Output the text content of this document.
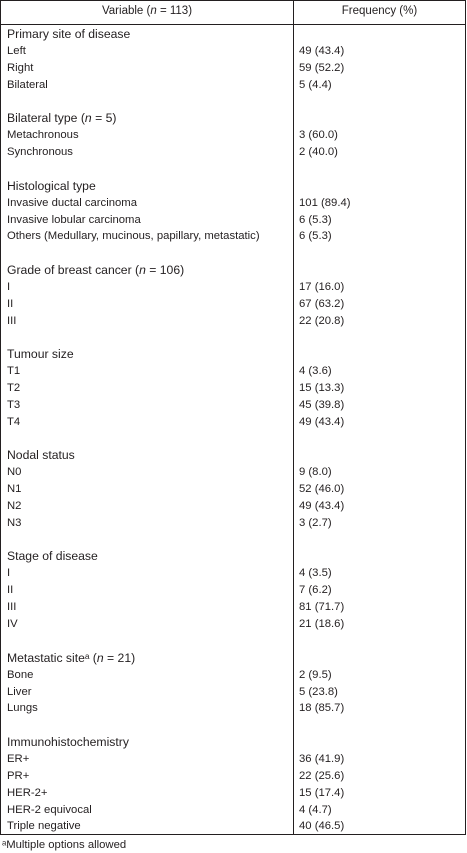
Variable (n = 113)	Frequency (%)
Primary site of disease
Left	49 (43.4)
Right	59 (52.2)
Bilateral	5 (4.4)
Bilateral type (n = 5)
Metachronous	3 (60.0)
Synchronous	2 (40.0)
Histological type
Invasive ductal carcinoma	101 (89.4)
Invasive lobular carcinoma	6 (5.3)
Others (Medullary, mucinous, papillary, metastatic)	6 (5.3)
Grade of breast cancer (n = 106)
I	17 (16.0)
II	67 (63.2)
III	22 (20.8)
Tumour size
T1	4 (3.6)
T2	15 (13.3)
T3	45 (39.8)
T4	49 (43.4)
Nodal status
N0	9 (8.0)
N1	52 (46.0)
N2	49 (43.4)
N3	3 (2.7)
Stage of disease
I	4 (3.5)
II	7 (6.2)
III	81 (71.7)
IV	21 (18.6)
Metastatic siteᵃ (n = 21)
Bone	2 (9.5)
Liver	5 (23.8)
Lungs	18 (85.7)
Immunohistochemistry
ER+	36 (41.9)
PR+	22 (25.6)
HER-2+	15 (17.4)
HER-2 equivocal	4 (4.7)
Triple negative	40 (46.5)
ᵃMultiple options allowed
